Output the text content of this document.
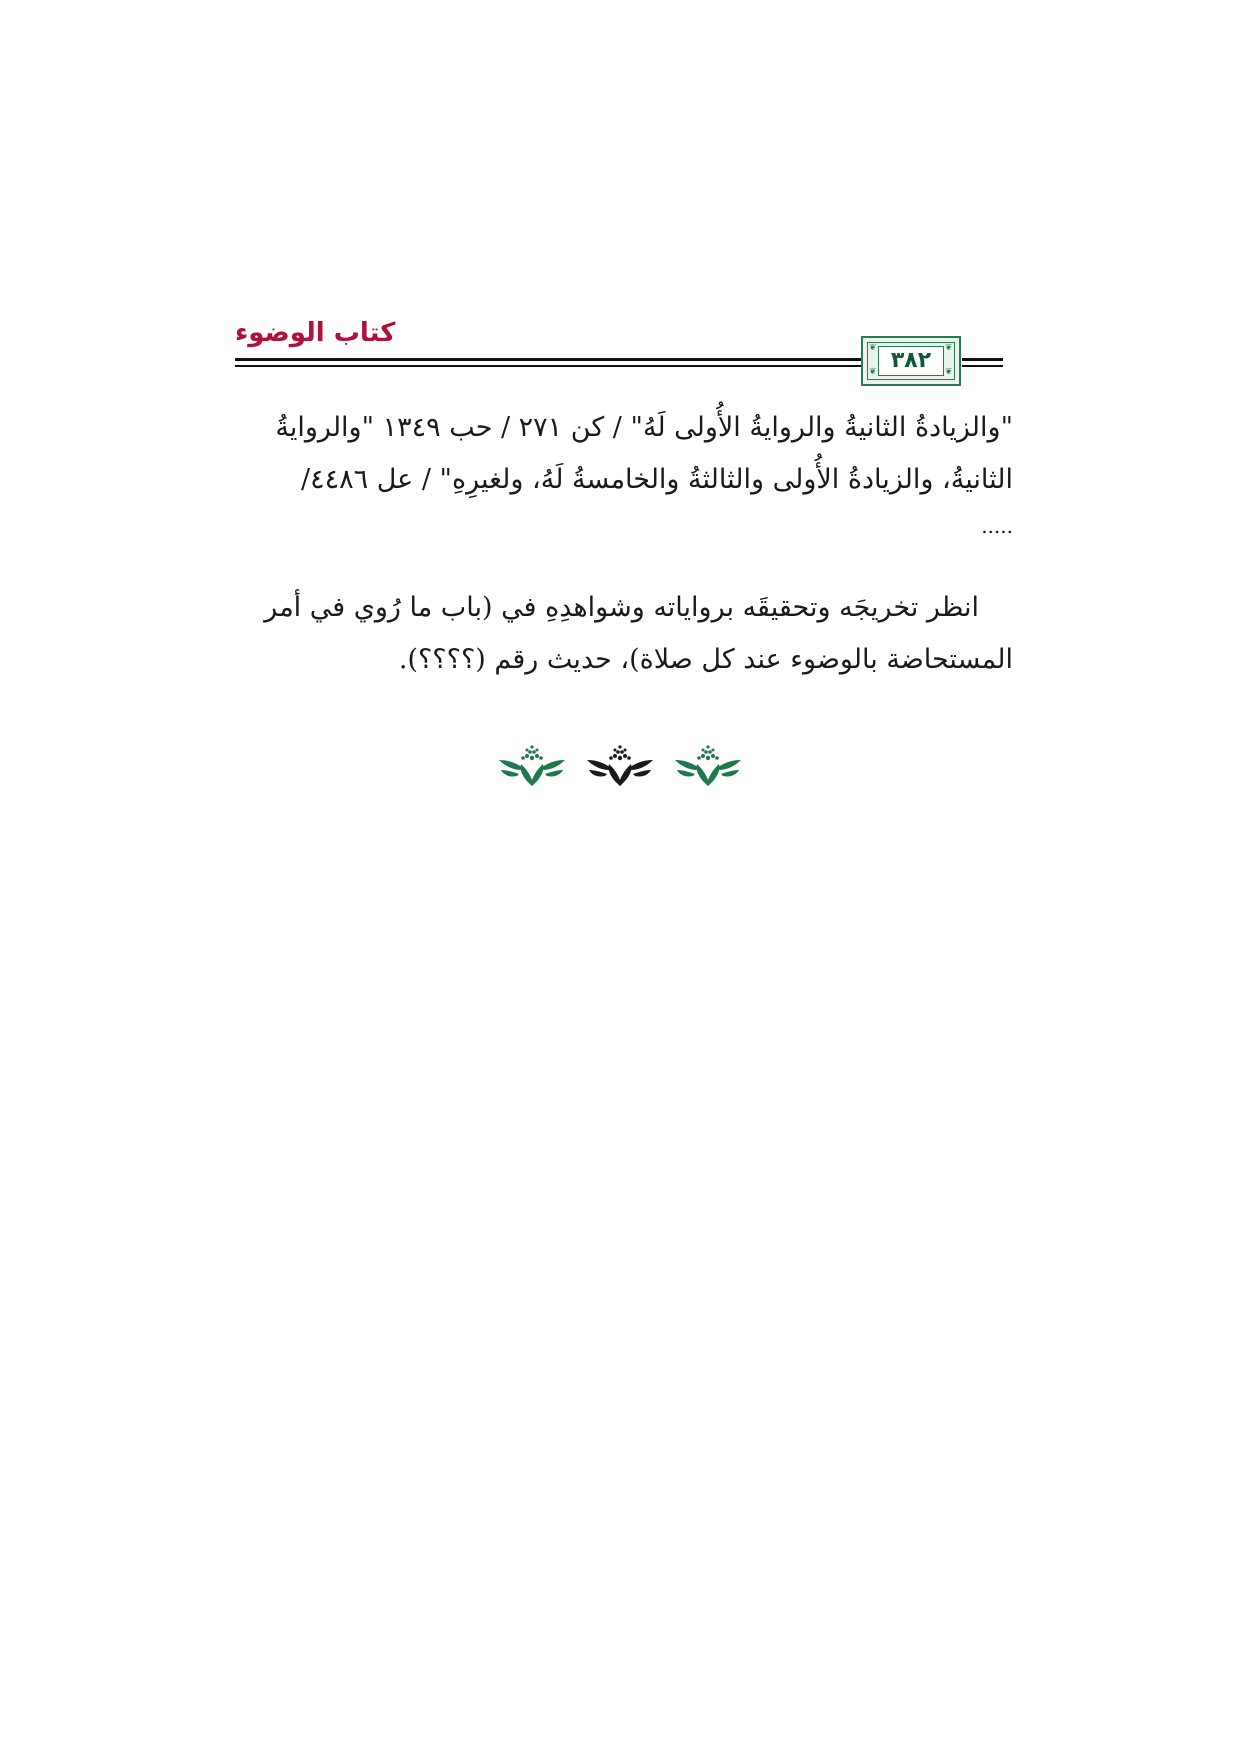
كتاب الوضوء	❦	❦
❦	❦
٣٨٢
"والزيادةُ الثانيةُ والروايةُ الأُولى لَهُ" / كن ٢٧١ / حب ١٣٤٩ "والروايةُ
الثانيةُ، والزيادةُ الأُولى والثالثةُ والخامسةُ لَهُ، ولغيرِهِ" / عل ٤٤٨٦/
.....
انظر تخريجَه وتحقيقَه برواياته وشواهدِهِ في (باب ما رُوي في أمر
المستحاضة بالوضوء عند كل صلاة)، حديث رقم (؟؟؟؟).
